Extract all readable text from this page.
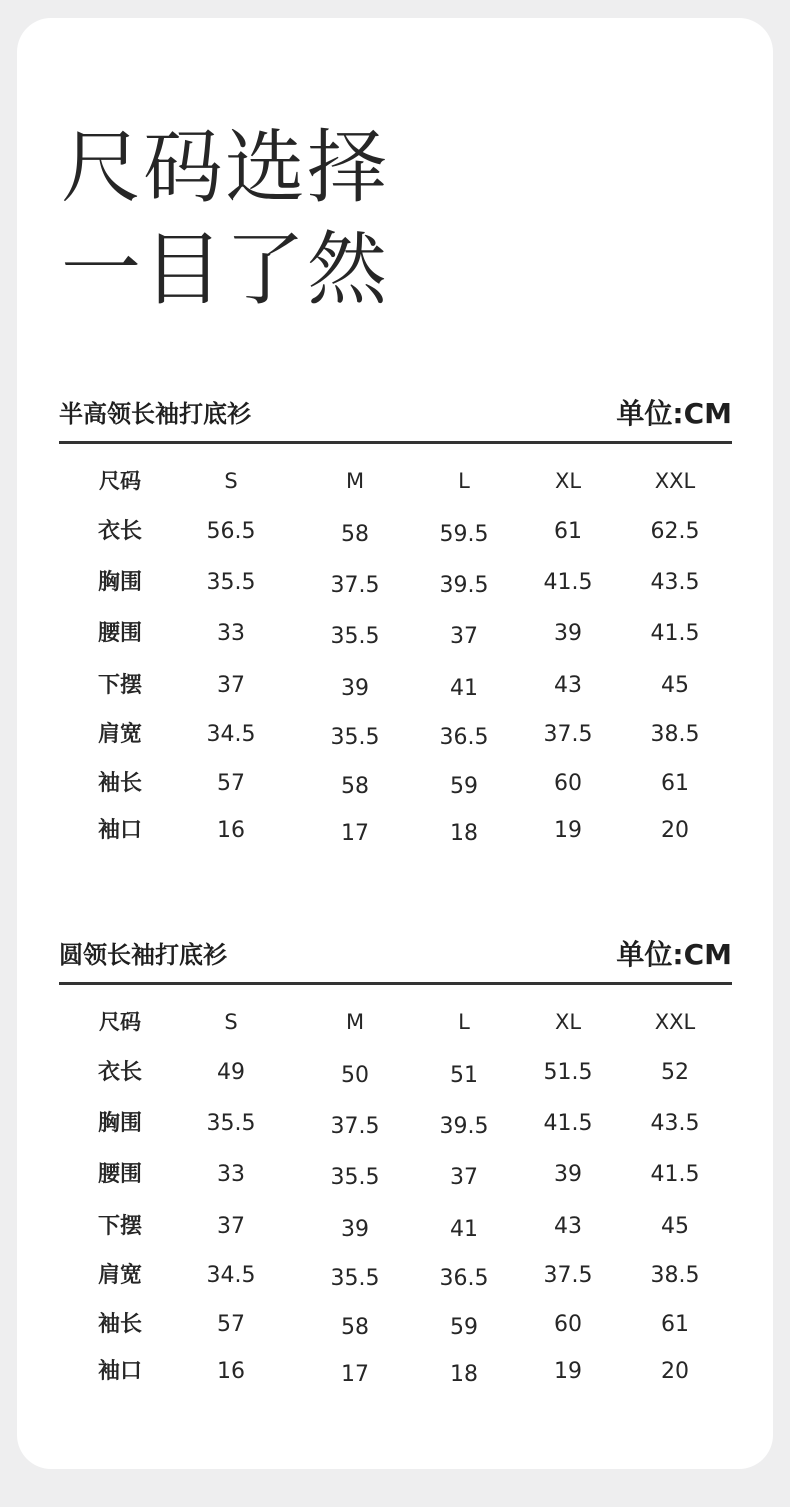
尺码选择
一目了然
半高领长袖打底衫	单位:CM
尺码	S	M	L	XL	XXL
衣长	56.5	58	59.5	61	62.5
胸围	35.5	37.5	39.5	41.5	43.5
腰围	33	35.5	37	39	41.5
下摆	37	39	41	43	45
肩宽	34.5	35.5	36.5	37.5	38.5
袖长	57	58	59	60	61
袖口	16	17	18	19	20
圆领长袖打底衫	单位:CM
尺码	S	M	L	XL	XXL
衣长	49	50	51	51.5	52
胸围	35.5	37.5	39.5	41.5	43.5
腰围	33	35.5	37	39	41.5
下摆	37	39	41	43	45
肩宽	34.5	35.5	36.5	37.5	38.5
袖长	57	58	59	60	61
袖口	16	17	18	19	20
